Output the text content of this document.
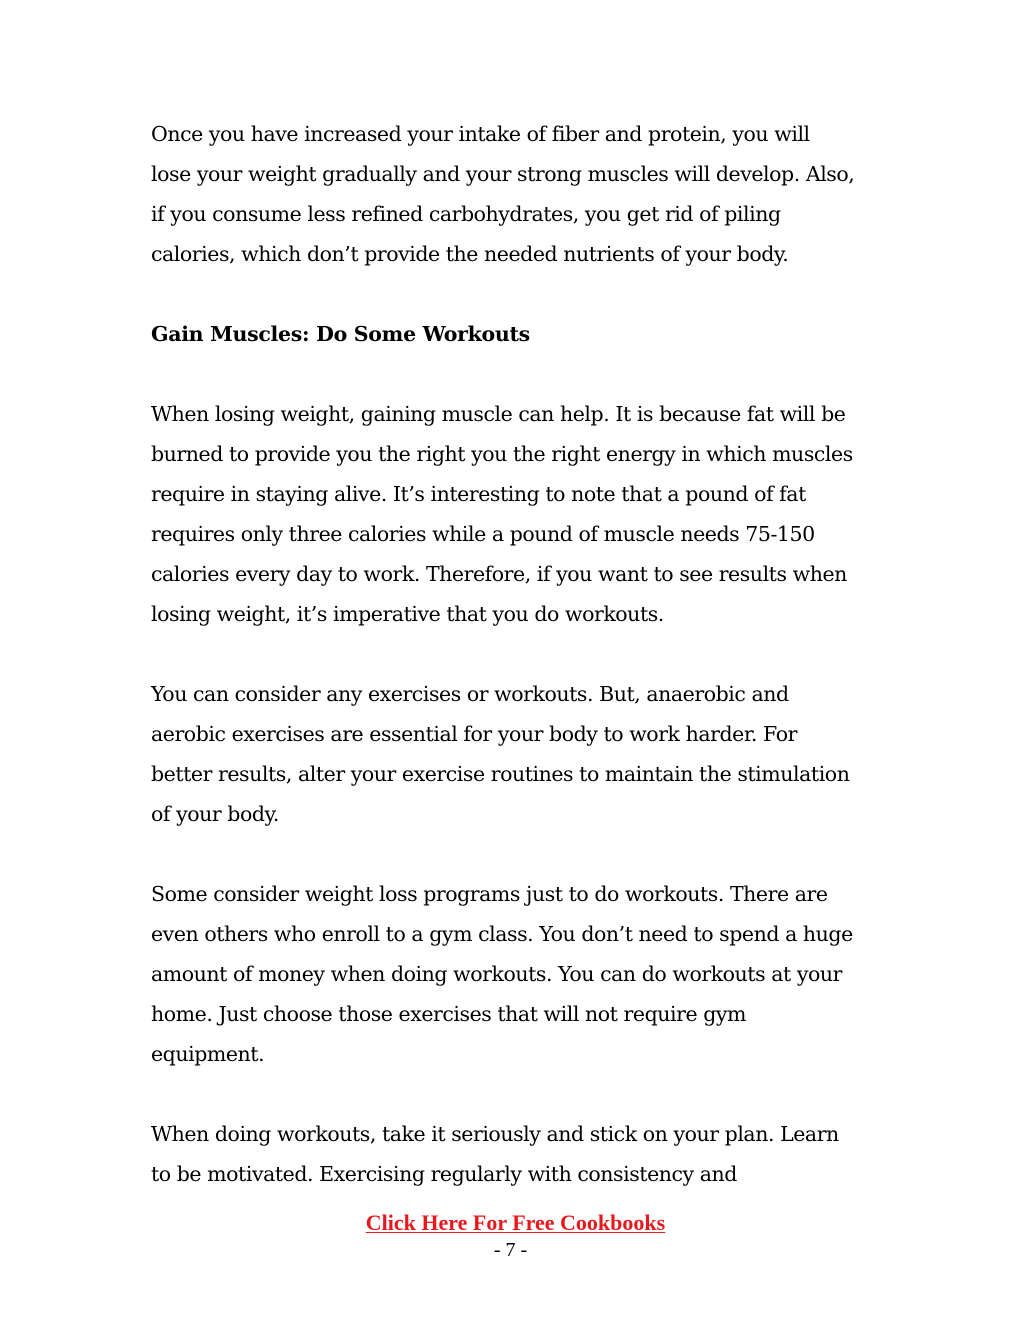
Once you have increased your intake of fiber and protein, you will
lose your weight gradually and your strong muscles will develop. Also,
if you consume less refined carbohydrates, you get rid of piling
calories, which don’t provide the needed nutrients of your body.
Gain Muscles: Do Some Workouts
When losing weight, gaining muscle can help. It is because fat will be
burned to provide you the right you the right energy in which muscles
require in staying alive. It’s interesting to note that a pound of fat
requires only three calories while a pound of muscle needs 75-150
calories every day to work. Therefore, if you want to see results when
losing weight, it’s imperative that you do workouts.
You can consider any exercises or workouts. But, anaerobic and
aerobic exercises are essential for your body to work harder. For
better results, alter your exercise routines to maintain the stimulation
of your body.
Some consider weight loss programs just to do workouts. There are
even others who enroll to a gym class. You don’t need to spend a huge
amount of money when doing workouts. You can do workouts at your
home. Just choose those exercises that will not require gym
equipment.
When doing workouts, take it seriously and stick on your plan. Learn
to be motivated. Exercising regularly with consistency and
Click Here For Free Cookbooks
- 7 -
